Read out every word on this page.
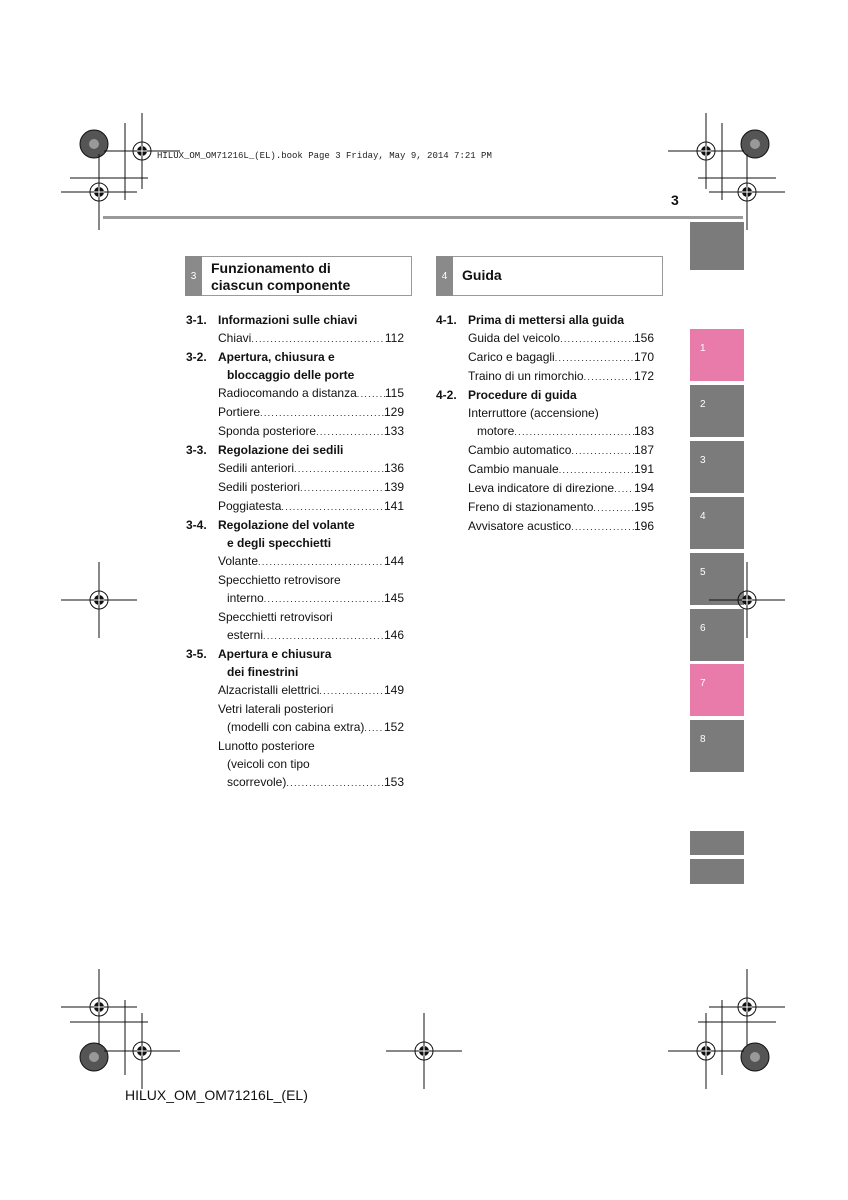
HILUX_OM_OM71216L_(EL).book Page 3 Friday, May 9, 2014 7:21 PM
3
3	Funzionamento di
ciascun componente
4	Guida
3-1. Informazioni sulle chiavi
Chiavi . . .	112
3-2. Apertura, chiusura e
bloccaggio delle porte
Radiocomando a distanza . . . 115
Portiere . . .	129
Sponda posteriore . . .	133
3-3. Regolazione dei sedili
Sedili anteriori . . .	136
Sedili posteriori . . .	139
Poggiatesta . . .	141
3-4. Regolazione del volante
e degli specchietti
Volante . . .	144
Specchietto retrovisore
interno . . .	145
Specchietti retrovisori
esterni . . .	146
3-5. Apertura e chiusura
dei finestrini
Alzacristalli elettrici . . .	149
Vetri laterali posteriori
(modelli con cabina extra) . . . 152
Lunotto posteriore
(veicoli con tipo
scorrevole) . . .	153
4-1. Prima di mettersi alla guida
Guida del veicolo . . .	156
Carico e bagagli . . .	170
Traino di un rimorchio . . .	172
4-2. Procedure di guida
Interruttore (accensione)
motore . . .	183
Cambio automatico . . .	187
Cambio manuale . . .	191
Leva indicatore di direzione . . . 194
Freno di stazionamento . . .	195
Avvisatore acustico . . .	196
1
2
3
4
5
6
7
8
HILUX_OM_OM71216L_(EL)
